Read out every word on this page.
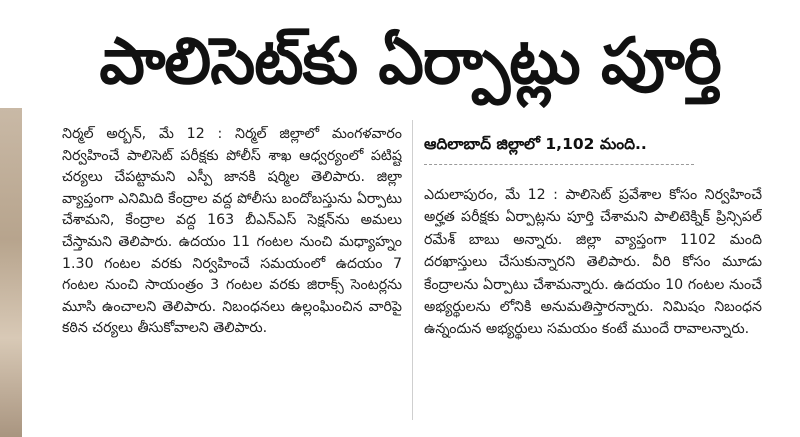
పాలిసెట్‌కు ఏర్పాట్లు పూర్తి

నిర్మల్ అర్బన్, మే 12 : నిర్మల్ జిల్లాలో మంగళవారం నిర్వహించే పాలిసెట్ పరీక్షకు పోలీస్ శాఖ ఆధ్వర్యంలో పటిష్ట చర్యలు చేపట్టామని ఎస్పీ జానకి షర్మిల తెలిపారు. జిల్లా వ్యాప్తంగా ఎనిమిది కేంద్రాల వద్ద పోలీసు బందోబస్తును ఏర్పాటు చేశామని, కేంద్రాల వద్ద 163 బీఎన్ఎస్ సెక్షన్‌ను అమలు చేస్తామని తెలిపారు. ఉదయం 11 గంటల నుంచి మధ్యాహ్నం 1.30 గంటల వరకు నిర్వహించే సమయంలో ఉదయం 7 గంటల నుంచి సాయంత్రం 3 గంటల వరకు జిరాక్స్ సెంటర్లను మూసి ఉంచాలని తెలిపారు. నిబంధనలు ఉల్లంఘించిన వారిపై కఠిన చర్యలు తీసుకోవాలని తెలిపారు.

ఆదిలాబాద్ జిల్లాలో 1,102 మంది..

ఎదులాపురం, మే 12 : పాలిసెట్ ప్రవేశాల కోసం నిర్వహించే అర్హత పరీక్షకు ఏర్పాట్లను పూర్తి చేశామని పాలిటెక్నిక్ ప్రిన్సిపల్ రమేశ్ బాబు అన్నారు. జిల్లా వ్యాప్తంగా 1102 మంది దరఖాస్తులు చేసుకున్నారని తెలిపారు. వీరి కోసం మూడు కేంద్రాలను ఏర్పాటు చేశామన్నారు. ఉదయం 10 గంటల నుంచే అభ్యర్థులను లోనికి అనుమతిస్తారన్నారు. నిమిషం నిబంధన ఉన్నందున అభ్యర్థులు సమయం కంటే ముందే రావాలన్నారు.
